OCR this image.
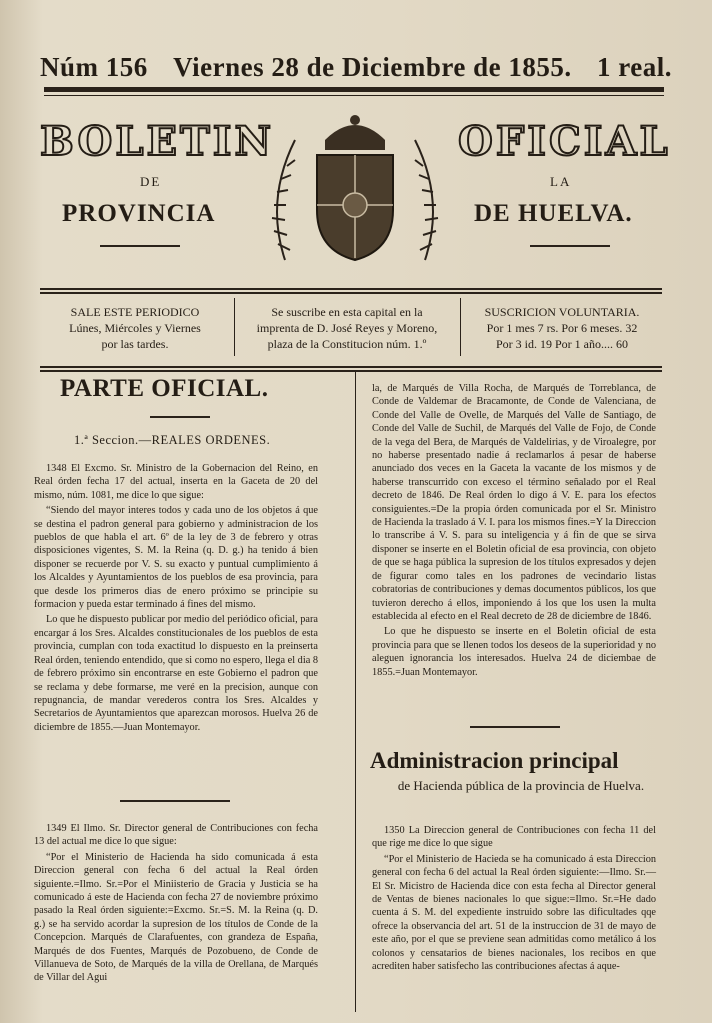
Núm 156 Viernes 28 de Diciembre de 1855. 1 real.
BOLETIN	OFICIAL
DE	LA
PROVINCIA	DE HUELVA.
SALE ESTE PERIODICO
Lúnes, Miércoles y Viernes
por las tardes.
Se suscribe en esta capital en la
imprenta de D. José Reyes y Moreno,
plaza de la Constitucion núm. 1.º
SUSCRICION VOLUNTARIA.
Por 1 mes 7 rs. Por 6 meses. 32
Por 3 id. 19 Por 1 año.... 60
PARTE OFICIAL.
1.ª Seccion.—REALES ORDENES.

1348 El Excmo. Sr. Ministro de la Gobernacion del Reino, en Real órden fecha 17 del actual, inserta en la Gaceta de 20 del mismo, núm. 1081, me dice lo que sigue:

“Siendo del mayor interes todos y cada uno de los objetos á que se destina el padron general para gobierno y administracion de los pueblos de que habla el art. 6º de la ley de 3 de febrero y otras disposiciones vigentes, S. M. la Reina (q. D. g.) ha tenido á bien disponer se recuerde por V. S. su exacto y puntual cumplimiento á los Alcaldes y Ayuntamientos de los pueblos de esa provincia, para que desde los primeros dias de enero próximo se principie su formacion y pueda estar terminado á fines del mismo.

Lo que he dispuesto publicar por medio del periódico oficial, para encargar á los Sres. Alcaldes constitucionales de los pueblos de esta provincia, cumplan con toda exactitud lo dispuesto en la preinserta Real órden, teniendo entendido, que si como no espero, llega el dia 8 de febrero próximo sin encontrarse en este Gobierno el padron que se reclama y debe formarse, me veré en la precision, aunque con repugnancia, de mandar verederos contra los Sres. Alcaldes y Secretarios de Ayuntamientos que aparezcan morosos. Huelva 26 de diciembre de 1855.—Juan Montemayor.

1349 El Ilmo. Sr. Director general de Contribuciones con fecha 13 del actual me dice lo que sigue:

“Por el Ministerio de Hacienda ha sido comunicada á esta Direccion general con fecha 6 del actual la Real órden siguiente.=Ilmo. Sr.=Por el Miniisterio de Gracia y Justicia se ha comunicado á este de Hacienda con fecha 27 de noviembre próximo pasado la Real órden siguiente:=Excmo. Sr.=S. M. la Reina (q. D. g.) se ha servido acordar la supresion de los títulos de Conde de la Concepcion. Marqués de Clarafuentes, con grandeza de España, Marqués de dos Fuentes, Marqués de Pozobueno, de Conde de Villanueva de Soto, de Marqués de la villa de Orellana, de Marqués de Villar del Agui

la, de Marqués de Villa Rocha, de Marqués de Torreblanca, de Conde de Valdemar de Bracamonte, de Conde de Valenciana, de Conde del Valle de Ovelle, de Marqués del Valle de Santiago, de Conde del Valle de Suchil, de Marqués del Valle de Fojo, de Conde de la vega del Bera, de Marqués de Valdelirias, y de Viroalegre, por no haberse presentado nadie á reclamarlos á pesar de haberse anunciado dos veces en la Gaceta la vacante de los mismos y de haberse transcurrido con exceso el término señalado por el Real decreto de 1846. De Real órden lo digo á V. E. para los efectos consiguientes.=De la propia órden comunicada por el Sr. Ministro de Hacienda la traslado á V. I. para los mismos fines.=Y la Direccion lo transcribe á V. S. para su inteligencia y á fin de que se sirva disponer se inserte en el Boletin oficial de esa provincia, con objeto de que se haga pública la supresion de los títulos expresados y dejen de figurar como tales en los padrones de vecindario listas cobratorias de contribuciones y demas documentos públicos, los que tuvieron derecho á ellos, imponiendo á los que los usen la multa establecida al efecto en el Real decreto de 28 de diciembre de 1846.

Lo que he dispuesto se inserte en el Boletin oficial de esta provincia para que se llenen todos los deseos de la superioridad y no aleguen ignorancia los interesados. Huelva 24 de diciembae de 1855.=Juan Montemayor.

Administracion principal
de Hacienda pública de la provincia de Huelva.

1350 La Direccion general de Contribuciones con fecha 11 del que rige me dice lo que sigue

“Por el Ministerio de Hacieda se ha comunicado á esta Direccion general con fecha 6 del actual la Real órden siguiente:—Ilmo. Sr.—El Sr. Micistro de Hacienda dice con esta fecha al Director general de Ventas de bienes nacionales lo que sigue:=Ilmo. Sr.=He dado cuenta á S. M. del expediente instruido sobre las dificultades qqe ofrece la observancia del art. 51 de la instruccion de 31 de mayo de este año, por el que se previene sean admitidas como metálico á los colonos y censatarios de bienes nacionales, los recibos en que acrediten haber satisfecho las contribuciones afectas á aque-
